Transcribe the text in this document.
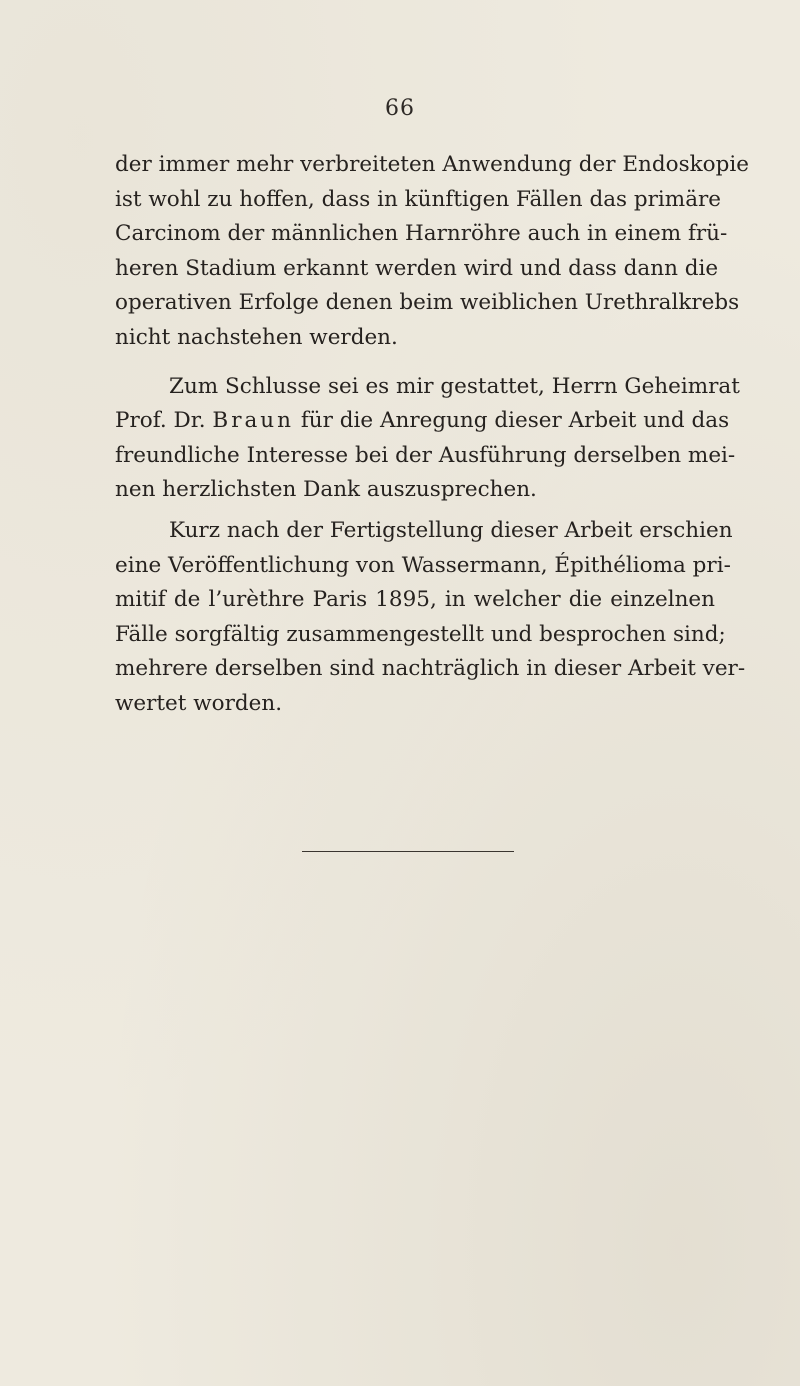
66
der immer mehr verbreiteten Anwendung der Endoskopie
ist wohl zu hoffen, dass in künftigen Fällen das primäre
Carcinom der männlichen Harnröhre auch in einem frü-
heren Stadium erkannt werden wird und dass dann die
operativen Erfolge denen beim weiblichen Urethralkrebs
nicht nachstehen werden.
Zum Schlusse sei es mir gestattet, Herrn Geheimrat
Prof. Dr. Braun für die Anregung dieser Arbeit und das
freundliche Interesse bei der Ausführung derselben mei-
nen herzlichsten Dank auszusprechen.
Kurz nach der Fertigstellung dieser Arbeit erschien
eine Veröffentlichung von Wassermann, Épithélioma pri-
mitif de l’urèthre Paris 1895, in welcher die einzelnen
Fälle sorgfältig zusammengestellt und besprochen sind;
mehrere derselben sind nachträglich in dieser Arbeit ver-
wertet worden.
